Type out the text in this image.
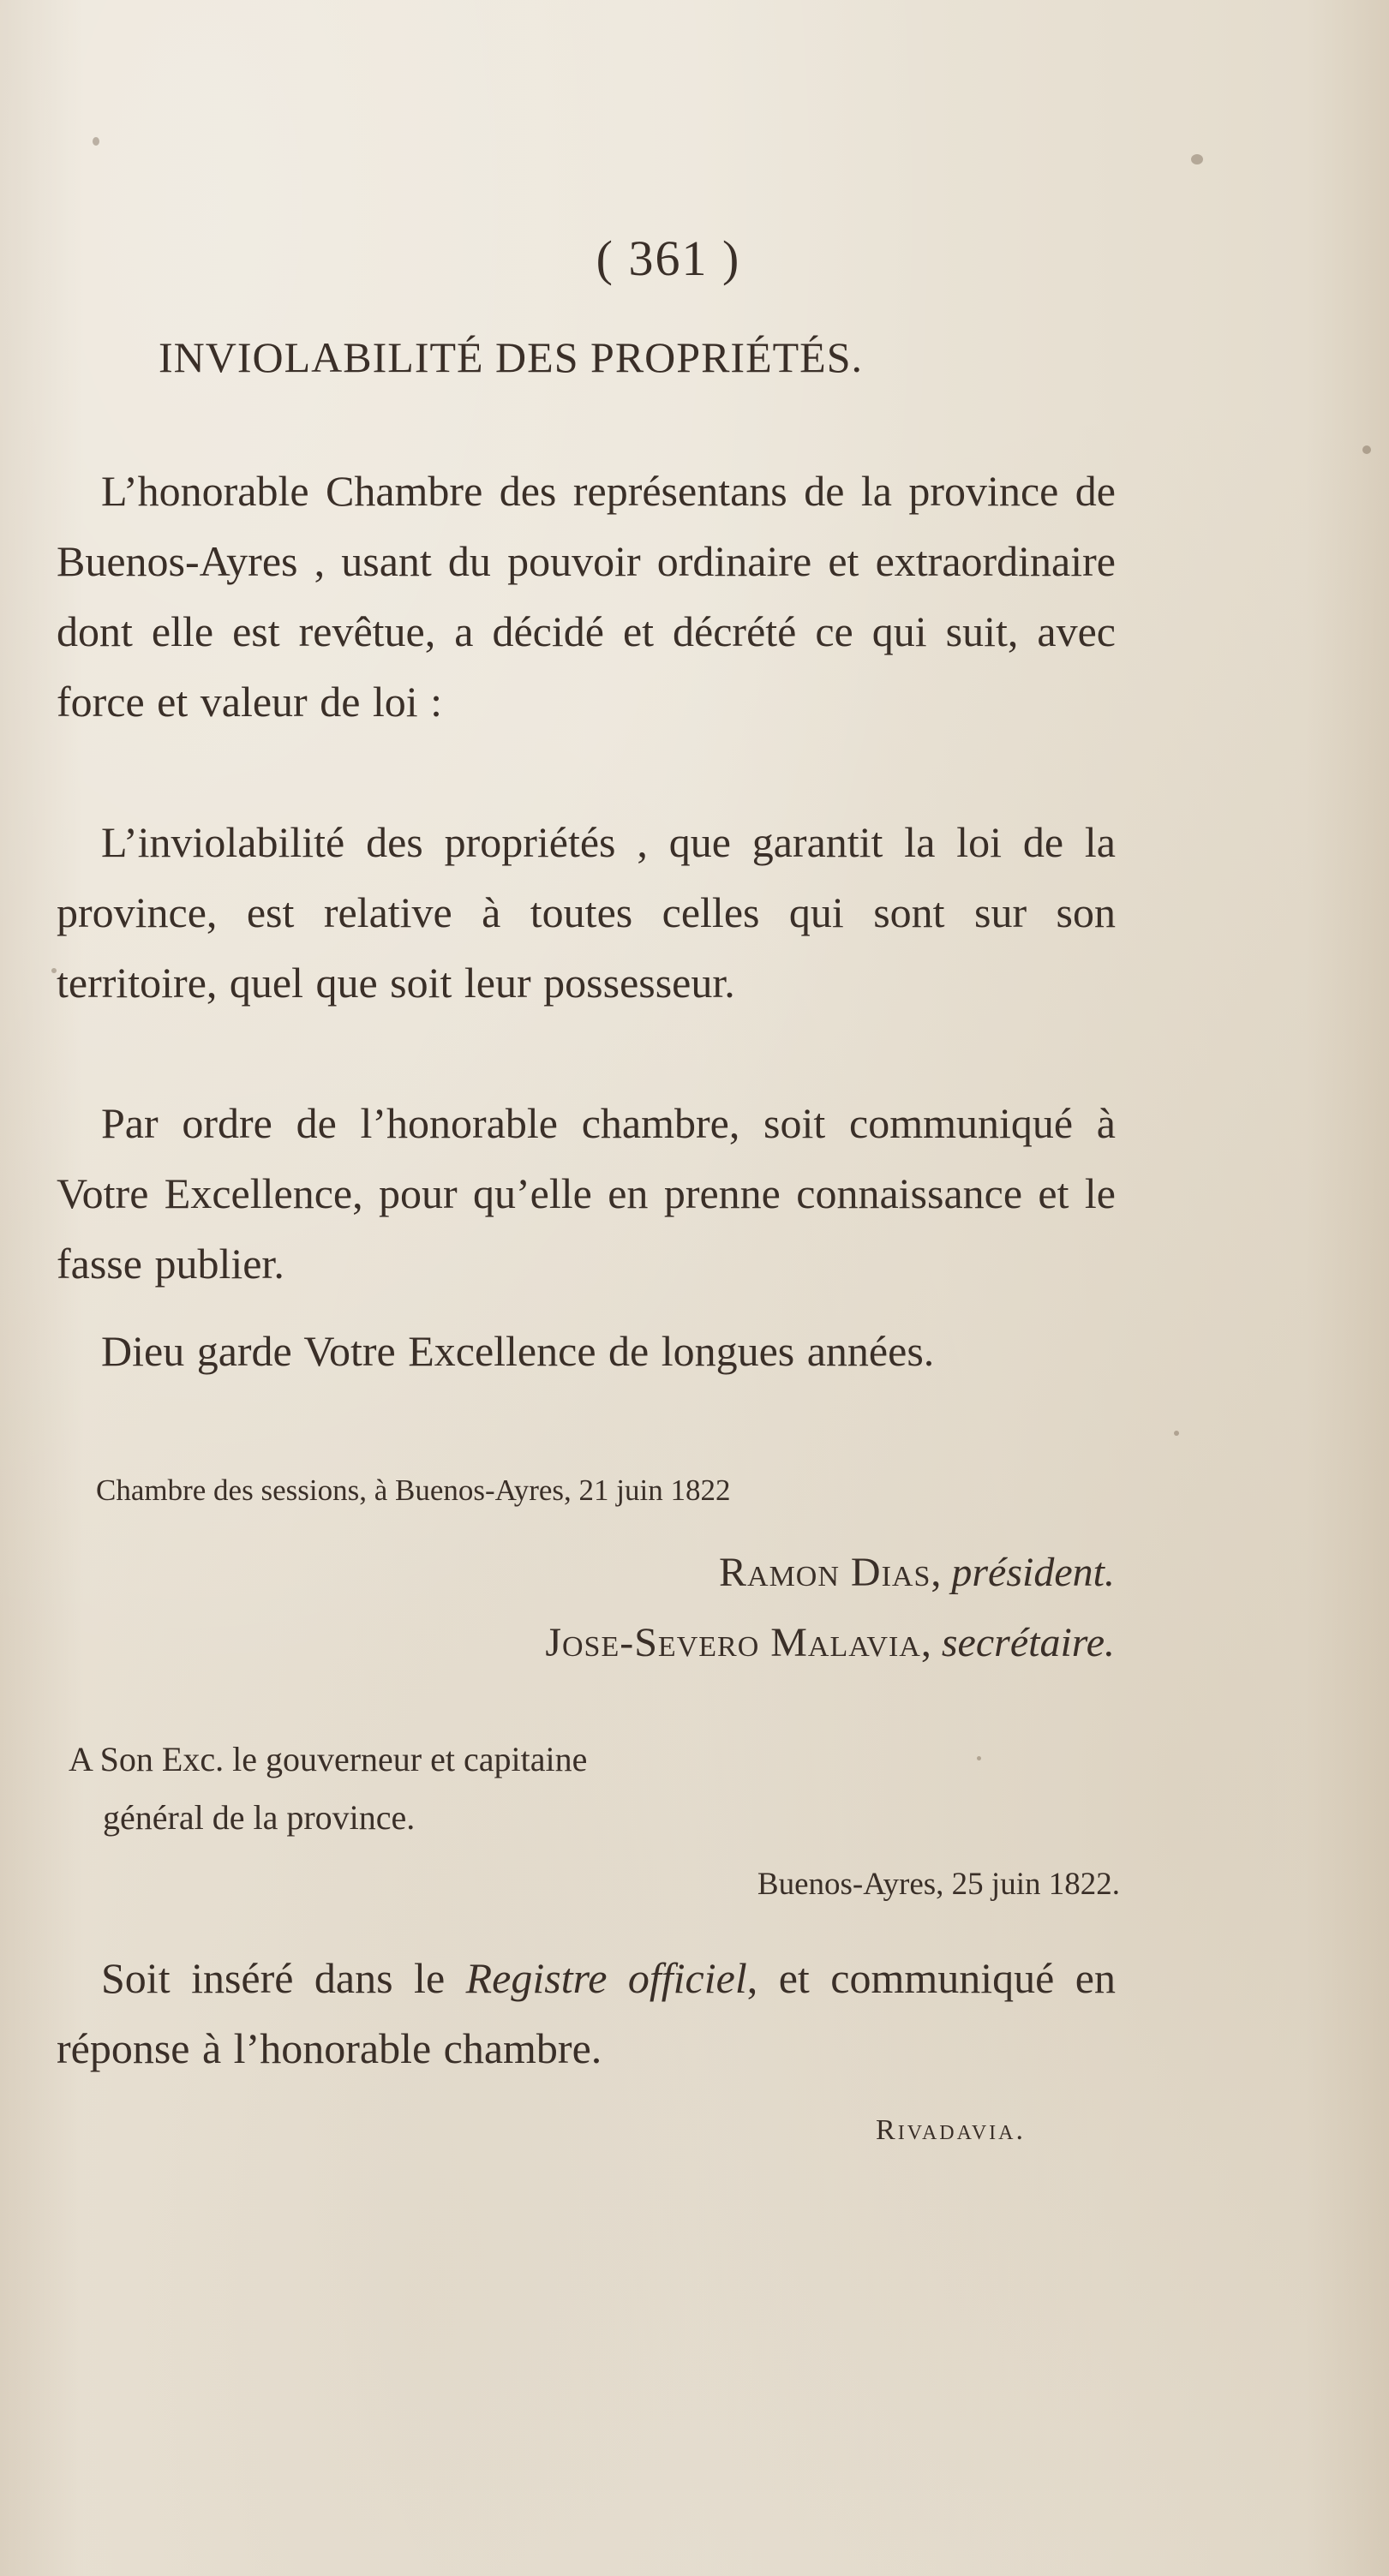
( 361 )

INVIOLABILITÉ DES PROPRIÉTÉS.

L’honorable Chambre des représentans de la province de Buenos-Ayres , usant du pouvoir ordinaire et extraordinaire dont elle est revêtue, a décidé et décrété ce qui suit, avec force et valeur de loi :

L’inviolabilité des propriétés , que garantit la loi de la province, est relative à toutes celles qui sont sur son territoire, quel que soit leur possesseur.

Par ordre de l’honorable chambre, soit communiqué à Votre Excellence, pour qu’elle en prenne connaissance et le fasse publier.

Dieu garde Votre Excellence de longues années.

Chambre des sessions, à Buenos-Ayres, 21 juin 1822

Ramon Dias, président.

Jose-Severo Malavia, secrétaire.

A Son Exc. le gouverneur et capitaine
général de la province.

Buenos-Ayres, 25 juin 1822.

Soit inséré dans le Registre officiel, et communiqué en réponse à l’honorable chambre.

Rivadavia.
